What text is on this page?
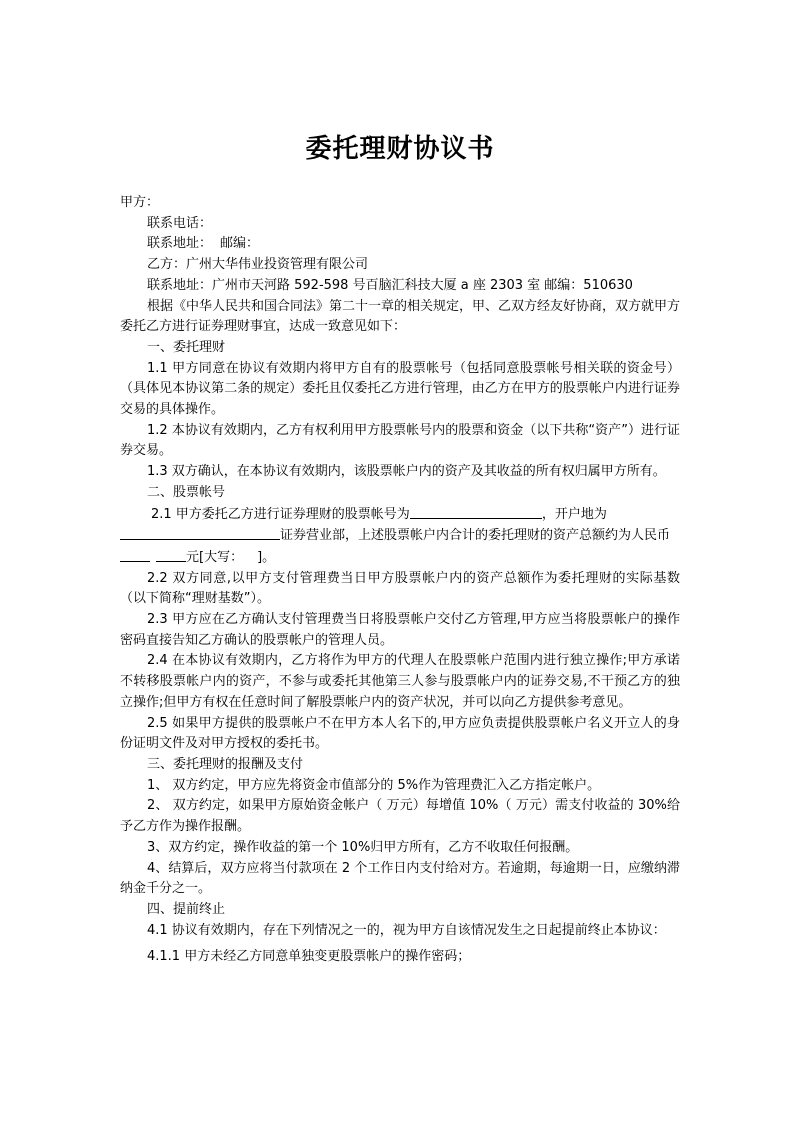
委托理财协议书

甲方：

联系电话：

联系地址： 邮编：

乙方：广州大华伟业投资管理有限公司

联系地址：广州市天河路 592-598 号百脑汇科技大厦 a 座 2303 室 邮编：510630

根据《中华人民共和国合同法》第二十一章的相关规定，甲、乙双方经友好协商，双方就甲方委托乙方进行证券理财事宜，达成一致意见如下：

一、委托理财

1.1 甲方同意在协议有效期内将甲方自有的股票帐号（包括同意股票帐号相关联的资金号）（具体见本协议第二条的规定）委托且仅委托乙方进行管理，由乙方在甲方的股票帐户内进行证券交易的具体操作。

1.2 本协议有效期内，乙方有权利用甲方股票帐号内的股票和资金（以下共称“资产”）进行证券交易。

1.3 双方确认，在本协议有效期内，该股票帐户内的资产及其收益的所有权归属甲方所有。

二、股票帐号

2.1 甲方委托乙方进行证券理财的股票帐号为	，开户地为
证券营业部，上述股票帐户内合计的委托理财的资产总额约为人民币元[大写： ]。

2.2 双方同意,以甲方支付管理费当日甲方股票帐户内的资产总额作为委托理财的实际基数（以下简称“理财基数”）。

2.3 甲方应在乙方确认支付管理费当日将股票帐户交付乙方管理,甲方应当将股票帐户的操作密码直接告知乙方确认的股票帐户的管理人员。

2.4 在本协议有效期内，乙方将作为甲方的代理人在股票帐户范围内进行独立操作;甲方承诺不转移股票帐户内的资产，不参与或委托其他第三人参与股票帐户内的证券交易,不干预乙方的独立操作;但甲方有权在任意时间了解股票帐户内的资产状况，并可以向乙方提供参考意见。

2.5 如果甲方提供的股票帐户不在甲方本人名下的,甲方应负责提供股票帐户名义开立人的身份证明文件及对甲方授权的委托书。

三、委托理财的报酬及支付

1、 双方约定，甲方应先将资金市值部分的 5%作为管理费汇入乙方指定帐户。

2、 双方约定，如果甲方原始资金帐户（ 万元）每增值 10%（ 万元）需支付收益的 30%给予乙方作为操作报酬。

3、双方约定，操作收益的第一个 10%归甲方所有，乙方不收取任何报酬。

4、结算后，双方应将当付款项在 2 个工作日内支付给对方。若逾期，每逾期一日，应缴纳滞纳金千分之一。

四、提前终止

4.1 协议有效期内，存在下列情况之一的，视为甲方自该情况发生之日起提前终止本协议：

4.1.1 甲方未经乙方同意单独变更股票帐户的操作密码；
